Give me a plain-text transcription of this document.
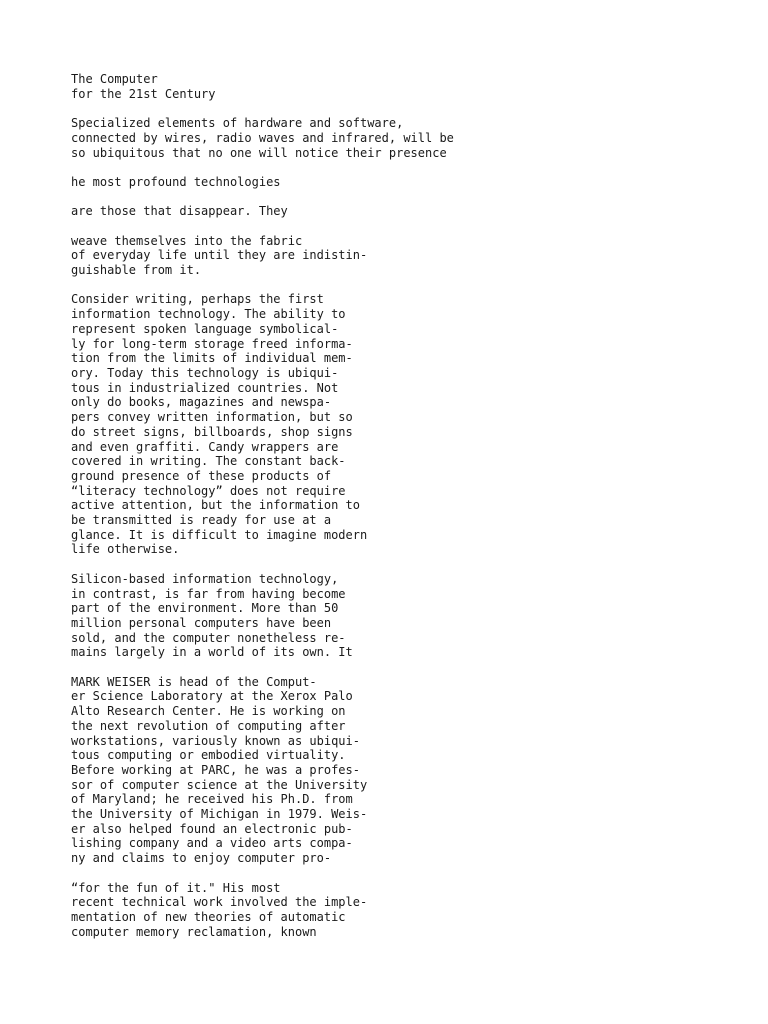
The Computer
for the 21st Century
Specialized elements of hardware and software,
connected by wires, radio waves and infrared, will be
so ubiquitous that no one will notice their presence
he most profound technologies
are those that disappear. They
weave themselves into the fabric
of everyday life until they are indistin-
guishable from it.
Consider writing, perhaps the first
information technology. The ability to
represent spoken language symbolical-
ly for long-term storage freed informa-
tion from the limits of individual mem-
ory. Today this technology is ubiqui-
tous in industrialized countries. Not
only do books, magazines and newspa-
pers convey written information, but so
do street signs, billboards, shop signs
and even graffiti. Candy wrappers are
covered in writing. The constant back-
ground presence of these products of
“literacy technology” does not require
active attention, but the information to
be transmitted is ready for use at a
glance. It is difficult to imagine modern
life otherwise.
Silicon-based information technology,
in contrast, is far from having become
part of the environment. More than 50
million personal computers have been
sold, and the computer nonetheless re-
mains largely in a world of its own. It
MARK WEISER is head of the Comput-
er Science Laboratory at the Xerox Palo
Alto Research Center. He is working on
the next revolution of computing after
workstations, variously known as ubiqui-
tous computing or embodied virtuality.
Before working at PARC, he was a profes-
sor of computer science at the University
of Maryland; he received his Ph.D. from
the University of Michigan in 1979. Weis-
er also helped found an electronic pub-
lishing company and a video arts compa-
ny and claims to enjoy computer pro-
“for the fun of it." His most
recent technical work involved the imple-
mentation of new theories of automatic
computer memory reclamation, known
